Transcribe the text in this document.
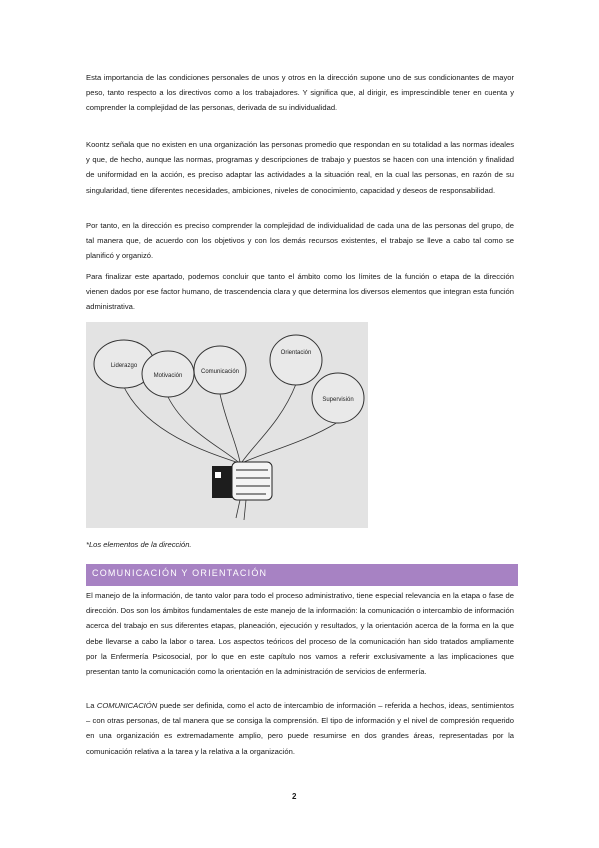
Esta importancia de las condiciones personales de unos y otros en la dirección supone uno de sus condicionantes de mayor peso, tanto respecto a los directivos como a los trabajadores. Y significa que, al dirigir, es imprescindible tener en cuenta y comprender la complejidad de las personas, derivada de su individualidad.

Koontz señala que no existen en una organización las personas promedio que respondan en su totalidad a las normas ideales y que, de hecho, aunque las normas, programas y descripciones de trabajo y puestos se hacen con una intención y finalidad de uniformidad en la acción, es preciso adaptar las actividades a la situación real, en la cual las personas, en razón de su singularidad, tiene diferentes necesidades, ambiciones, niveles de conocimiento, capacidad y deseos de responsabilidad.

Por tanto, en la dirección es preciso comprender la complejidad de individualidad de cada una de las personas del grupo, de tal manera que, de acuerdo con los objetivos y con los demás recursos existentes, el trabajo se lleve a cabo tal como se planificó y organizó.

Para finalizar este apartado, podemos concluir que tanto el ámbito como los límites de la función o etapa de la dirección vienen dados por ese factor humano, de trascendencia clara y que determina los diversos elementos que integran esta función administrativa.

Liderazgo
Motivación
Comunicación
Orientación
Supervisión
*Los elementos de la dirección.
COMUNICACIÓN Y ORIENTACIÓN

El manejo de la información, de tanto valor para todo el proceso administrativo, tiene especial relevancia en la etapa o fase de dirección. Dos son los ámbitos fundamentales de este manejo de la información: la comunicación o intercambio de información acerca del trabajo en sus diferentes etapas, planeación, ejecución y resultados, y la orientación acerca de la forma en la que debe llevarse a cabo la labor o tarea. Los aspectos teóricos del proceso de la comunicación han sido tratados ampliamente por la Enfermería Psicosocial, por lo que en este capítulo nos vamos a referir exclusivamente a las implicaciones que presentan tanto la comunicación como la orientación en la administración de servicios de enfermería.

La COMUNICACIÓN puede ser definida, como el acto de intercambio de información – referida a hechos, ideas, sentimientos – con otras personas, de tal manera que se consiga la comprensión. El tipo de información y el nivel de compresión requerido en una organización es extremadamente amplio, pero puede resumirse en dos grandes áreas, representadas por la comunicación relativa a la tarea y la relativa a la organización.

2
